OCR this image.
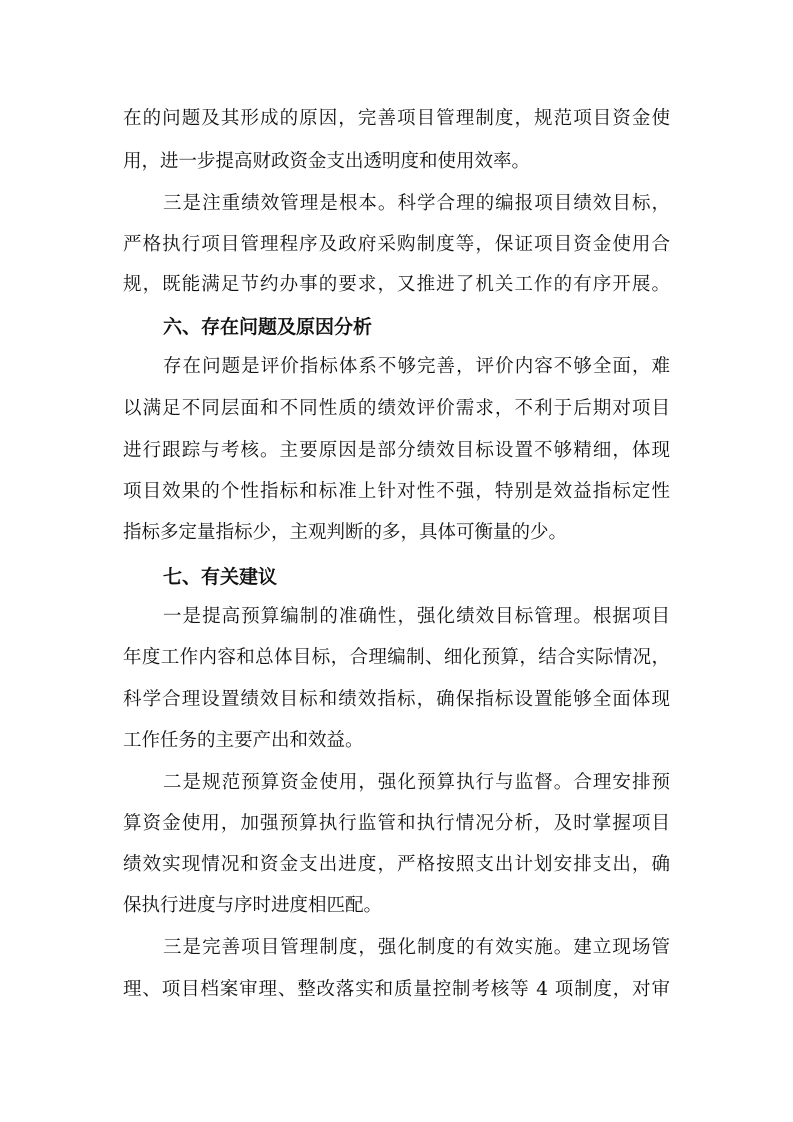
在的问题及其形成的原因，完善项目管理制度，规范项目资金使
用，进一步提高财政资金支出透明度和使用效率。
三是注重绩效管理是根本。科学合理的编报项目绩效目标，
严格执行项目管理程序及政府采购制度等，保证项目资金使用合
规，既能满足节约办事的要求，又推进了机关工作的有序开展。
六、存在问题及原因分析
存在问题是评价指标体系不够完善，评价内容不够全面，难
以满足不同层面和不同性质的绩效评价需求，不利于后期对项目
进行跟踪与考核。主要原因是部分绩效目标设置不够精细，体现
项目效果的个性指标和标准上针对性不强，特别是效益指标定性
指标多定量指标少，主观判断的多，具体可衡量的少。
七、有关建议
一是提高预算编制的准确性，强化绩效目标管理。根据项目
年度工作内容和总体目标，合理编制、细化预算，结合实际情况，
科学合理设置绩效目标和绩效指标，确保指标设置能够全面体现
工作任务的主要产出和效益。
二是规范预算资金使用，强化预算执行与监督。合理安排预
算资金使用，加强预算执行监管和执行情况分析，及时掌握项目
绩效实现情况和资金支出进度，严格按照支出计划安排支出，确
保执行进度与序时进度相匹配。
三是完善项目管理制度，强化制度的有效实施。建立现场管
理、项目档案审理、整改落实和质量控制考核等 4 项制度，对审
